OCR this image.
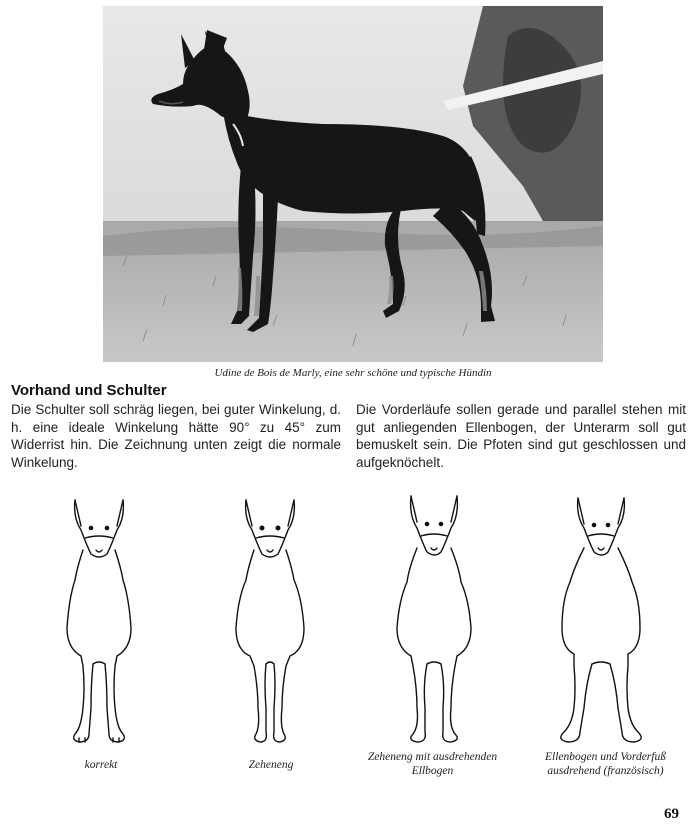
Udine de Bois de Marly, eine sehr schöne und typische Hündin
Vorhand und Schulter
Die Schulter soll schräg liegen, bei guter Winkelung, d. h. eine ideale Winkelung hätte 90° zu 45° zum Widerrist hin. Die Zeichnung unten zeigt die normale Winkelung.
Die Vorderläufe sollen gerade und parallel stehen mit gut anliegenden Ellenbogen, der Unterarm soll gut bemuskelt sein. Die Pfoten sind gut geschlossen und aufgeknöchelt.
korrekt	Zeheneng
Zeheneng mit ausdrehenden Ellbogen
Ellenbogen und Vorderfuß ausdrehend (französisch)
69
